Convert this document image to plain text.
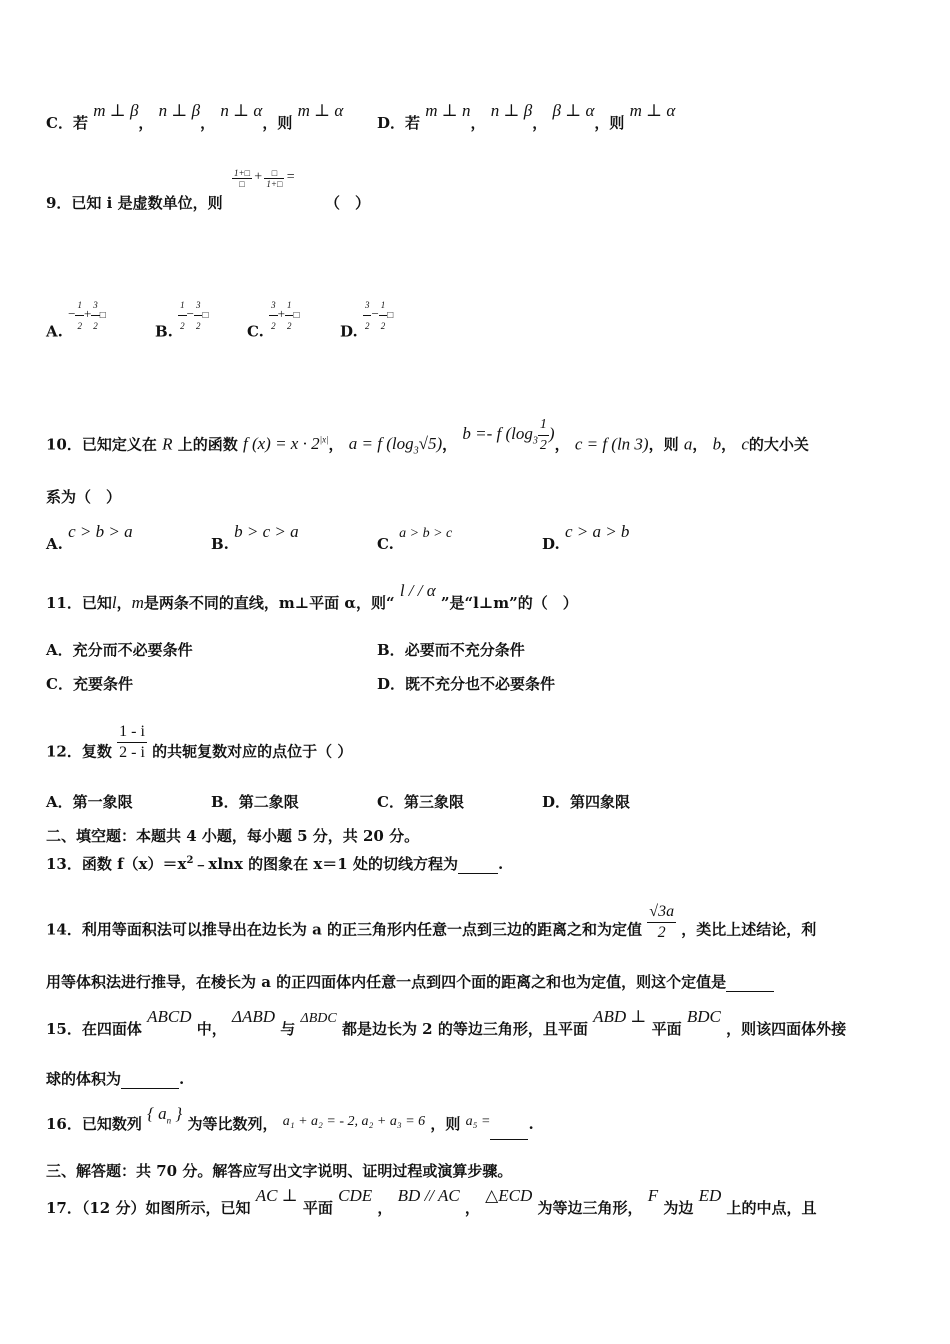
C．若 m ⊥ β， n ⊥ β， n ⊥ α，则 m ⊥ α
D．若 m ⊥ n， n ⊥ β， β ⊥ α，则 m ⊥ α
9．已知 i 是虚数单位，则
$\frac{1+□}{□} + \frac{□}{1+□}$ =
（　）
A. − $\frac{1}{2} + \frac{3}{2}$ □
B. $\frac{1}{2} - \frac{3}{2}$ □
C. $\frac{3}{2} + \frac{1}{2}$ □
D. $\frac{3}{2} - \frac{1}{2}$ □
10．已知定义在 R 上的函数 f $(x) = x \cdot 2^{|x|}$， a = f $(\log_3√5)$， b =- f ($\log_3 \frac{1}{2}$ )， c = f (ln 3)，则 a， b， c的大小关
系为（　）
A. c > b > a
B. b > c > a
C. a > b > c
D. c > a > b
11．已知l，m是两条不同的直线，m⊥平面 α，则“ l / / α ”是“l⊥m”的（　）
A．充分而不必要条件	B．必要而不充分条件
C．充要条件	D．既不充分也不必要条件
12．复数 $\frac{1 - i}{2 - i}$ 的共轭复数对应的点位于（ ）
A．第一象限	B．第二象限	C．第三象限	D．第四象限
二、填空题：本题共 4 小题，每小题 5 分，共 20 分。
13．函数 $f(x)=x^2﹣xlnx$ 的图象在 x＝1 处的切线方程为	.
14．利用等面积法可以推导出在边长为 a 的正三角形内任意一点到三边的距离之和为定值 $\frac{√3a}{2}$ ，类比上述结论，利
用等体积法进行推导，在棱长为 a 的正四面体内任意一点到四个面的距离之和也为定值，则这个定值是
15．在四面体 ABCD 中， ΔABD 与 ΔBDC 都是边长为 2 的等边三角形，且平面 ABD ⊥ 平面 BDC ，则该四面体外接
球的体积为	.
16．已知数列 { $a_n$ } 为等比数列， a₁ + a₂ = - 2, a₂ + a₃ = 6 ，则 a₅ =	.
三、解答题：共 70 分。解答应写出文字说明、证明过程或演算步骤。
17．（12 分）如图所示，已知 AC ⊥ 平面 CDE ， BD // AC ， △ECD 为等边三角形， F 为边 ED 上的中点，且
